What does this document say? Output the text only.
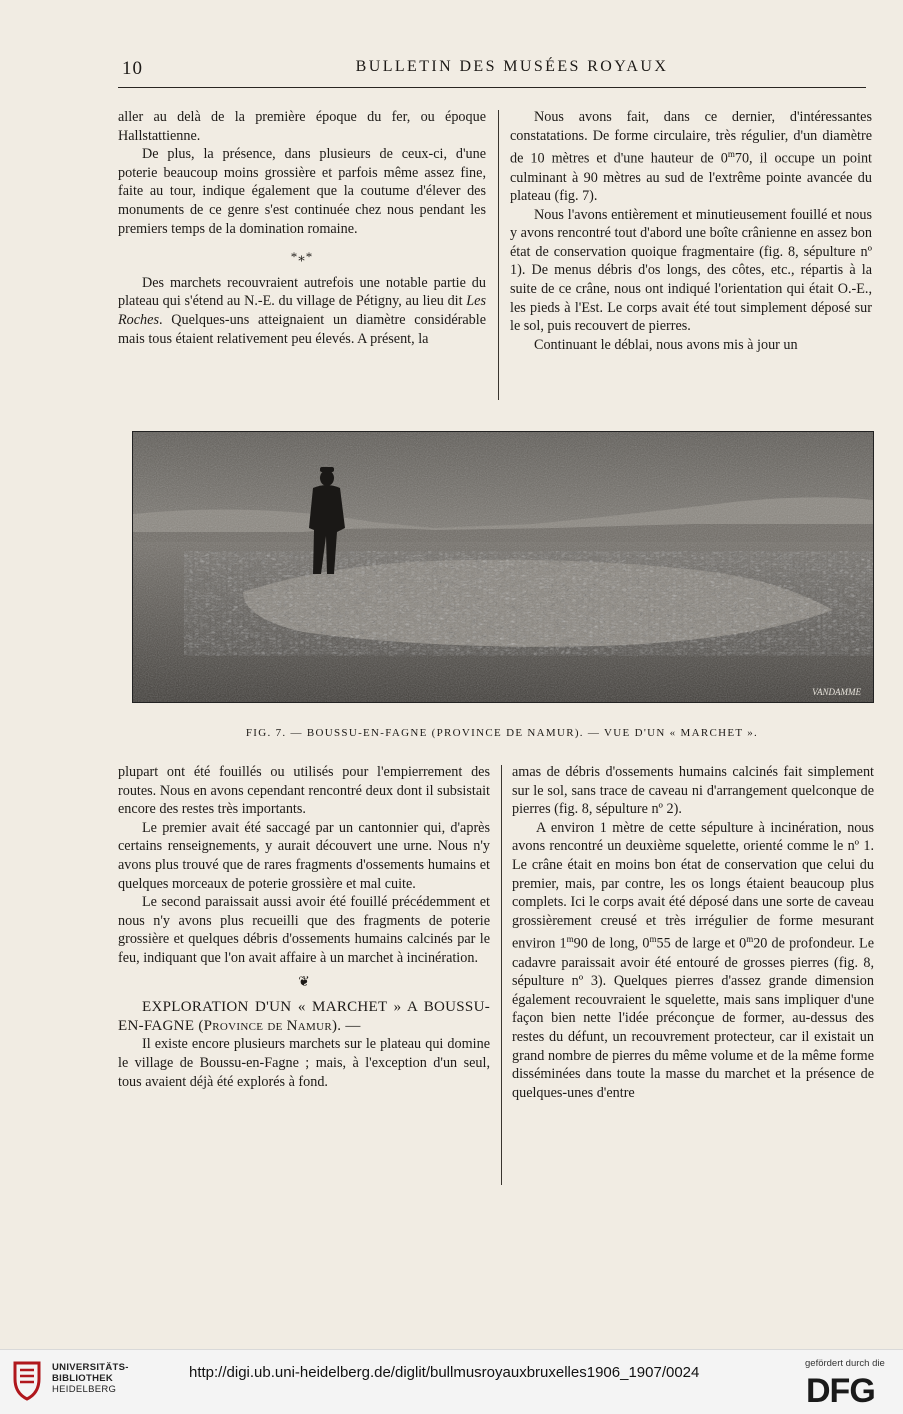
10	BULLETIN DES MUSÉES ROYAUX

aller au delà de la première époque du fer, ou époque Hallstattienne.

De plus, la présence, dans plusieurs de ceux-ci, d'une poterie beaucoup moins grossière et parfois même assez fine, faite au tour, indique également que la coutume d'élever des monuments de ce genre s'est continuée chez nous pendant les premiers temps de la domination romaine.

*⁎*

Des marchets recouvraient autrefois une notable partie du plateau qui s'étend au N.-E. du village de Pétigny, au lieu dit Les Roches. Quelques-uns atteignaient un diamètre considérable mais tous étaient relativement peu élevés. A présent, la

Nous avons fait, dans ce dernier, d'intéressantes constatations. De forme circulaire, très régulier, d'un diamètre de 10 mètres et d'une hauteur de 0$^m$70, il occupe un point culminant à 90 mètres au sud de l'extrême pointe avancée du plateau (fig. 7).

Nous l'avons entièrement et minutieusement fouillé et nous y avons rencontré tout d'abord une boîte crânienne en assez bon état de conservation quoique fragmentaire (fig. 8, sépulture nº 1). De menus débris d'os longs, des côtes, etc., répartis à la suite de ce crâne, nous ont indiqué l'orientation qui était O.-E., les pieds à l'Est. Le corps avait été tout simplement déposé sur le sol, puis recouvert de pierres.

Continuant le déblai, nous avons mis à jour un

VANDAMME
FIG. 7. — BOUSSU-EN-FAGNE (PROVINCE DE NAMUR). — VUE D'UN « MARCHET ».

plupart ont été fouillés ou utilisés pour l'empierrement des routes. Nous en avons cependant rencontré deux dont il subsistait encore des restes très importants.

Le premier avait été saccagé par un cantonnier qui, d'après certains renseignements, y aurait découvert une urne. Nous n'y avons plus trouvé que de rares fragments d'ossements humains et quelques morceaux de poterie grossière et mal cuite.

Le second paraissait aussi avoir été fouillé précédemment et nous n'y avons plus recueilli que des fragments de poterie grossière et quelques débris d'ossements humains calcinés par le feu, indiquant que l'on avait affaire à un marchet à incinération.

❦

EXPLORATION D'UN « MARCHET » A BOUSSU-EN-FAGNE (Province de Namur). —

Il existe encore plusieurs marchets sur le plateau qui domine le village de Boussu-en-Fagne ; mais, à l'exception d'un seul, tous avaient déjà été explorés à fond.

amas de débris d'ossements humains calcinés fait simplement sur le sol, sans trace de caveau ni d'arrangement quelconque de pierres (fig. 8, sépulture nº 2).

A environ 1 mètre de cette sépulture à incinération, nous avons rencontré un deuxième squelette, orienté comme le nº 1. Le crâne était en moins bon état de conservation que celui du premier, mais, par contre, les os longs étaient beaucoup plus complets. Ici le corps avait été déposé dans une sorte de caveau grossièrement creusé et très irrégulier de forme mesurant environ 1$^m$90 de long, 0$^m$55 de large et 0$^m$20 de profondeur. Le cadavre paraissait avoir été entouré de grosses pierres (fig. 8, sépulture nº 3). Quelques pierres d'assez grande dimension également recouvraient le squelette, mais sans impliquer d'une façon bien nette l'idée préconçue de former, au-dessus des restes du défunt, un recouvrement protecteur, car il existait un grand nombre de pierres du même volume et de la même forme disséminées dans toute la masse du marchet et la présence de quelques-unes d'entre

UNIVERSITÄTS-
BIBLIOTHEK
HEIDELBERG
http://digi.ub.uni-heidelberg.de/diglit/bullmusroyauxbruxelles1906_1907/0024
gefördert durch die
DFG
